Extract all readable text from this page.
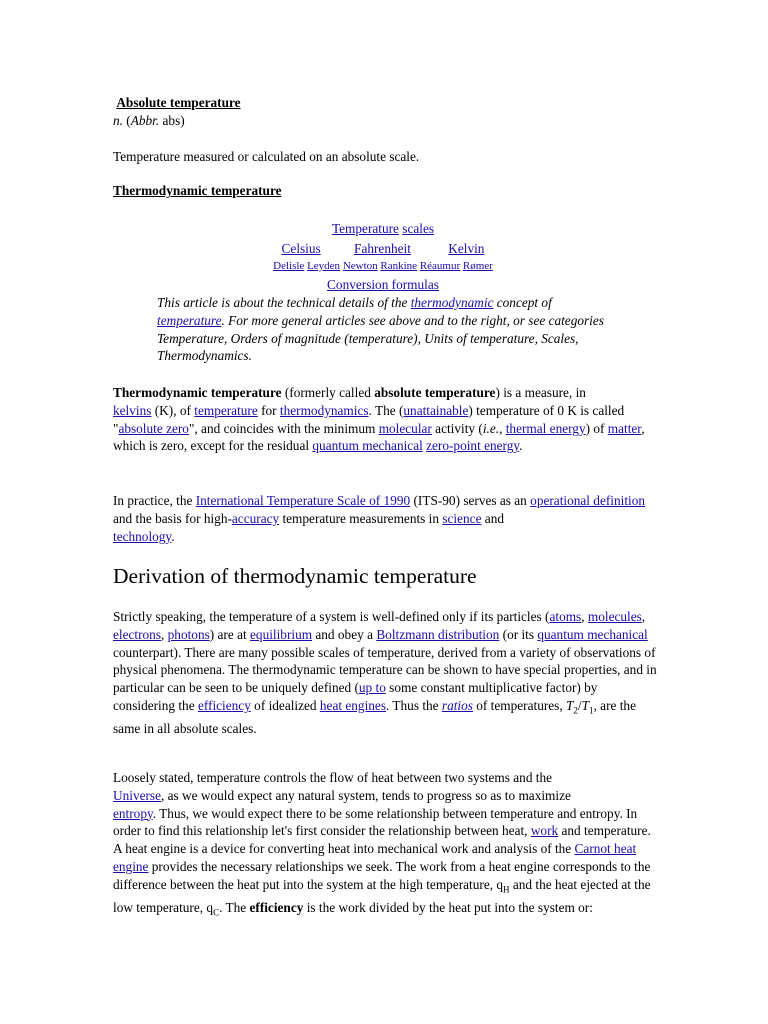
Absolute temperature
n. (Abbr. abs)
Temperature measured or calculated on an absolute scale.
Thermodynamic temperature
Temperature scales
Celsius	Fahrenheit	Kelvin
Delisle Leyden Newton Rankine Réaumur Rømer
Conversion formulas
This article is about the technical details of the thermodynamic concept of
temperature. For more general articles see above and to the right, or see categories Temperature, Orders of magnitude (temperature), Units of temperature, Scales, Thermodynamics.
Thermodynamic temperature (formerly called absolute temperature) is a measure, in
kelvins (K), of temperature for thermodynamics. The (unattainable) temperature of 0 K is called "absolute zero", and coincides with the minimum molecular activity (i.e., thermal energy) of matter, which is zero, except for the residual quantum mechanical zero-point energy.
In practice, the International Temperature Scale of 1990 (ITS-90) serves as an operational definition and the basis for high-accuracy temperature measurements in science and
technology.
Derivation of thermodynamic temperature
Strictly speaking, the temperature of a system is well-defined only if its particles (atoms, molecules, electrons, photons) are at equilibrium and obey a Boltzmann distribution (or its quantum mechanical counterpart). There are many possible scales of temperature, derived from a variety of observations of physical phenomena. The thermodynamic temperature can be shown to have special properties, and in particular can be seen to be uniquely defined (up to some constant multiplicative factor) by considering the efficiency of idealized heat engines. Thus the ratios of temperatures, $T_2/T_1$, are the same in all absolute scales.
Loosely stated, temperature controls the flow of heat between two systems and the
Universe, as we would expect any natural system, tends to progress so as to maximize
entropy. Thus, we would expect there to be some relationship between temperature and entropy. In order to find this relationship let's first consider the relationship between heat, work and temperature. A heat engine is a device for converting heat into mechanical work and analysis of the Carnot heat engine provides the necessary relationships we seek. The work from a heat engine corresponds to the difference between the heat put into the system at the high temperature, $q_H$ and the heat ejected at the low temperature, $q_C$. The efficiency is the work divided by the heat put into the system or:
